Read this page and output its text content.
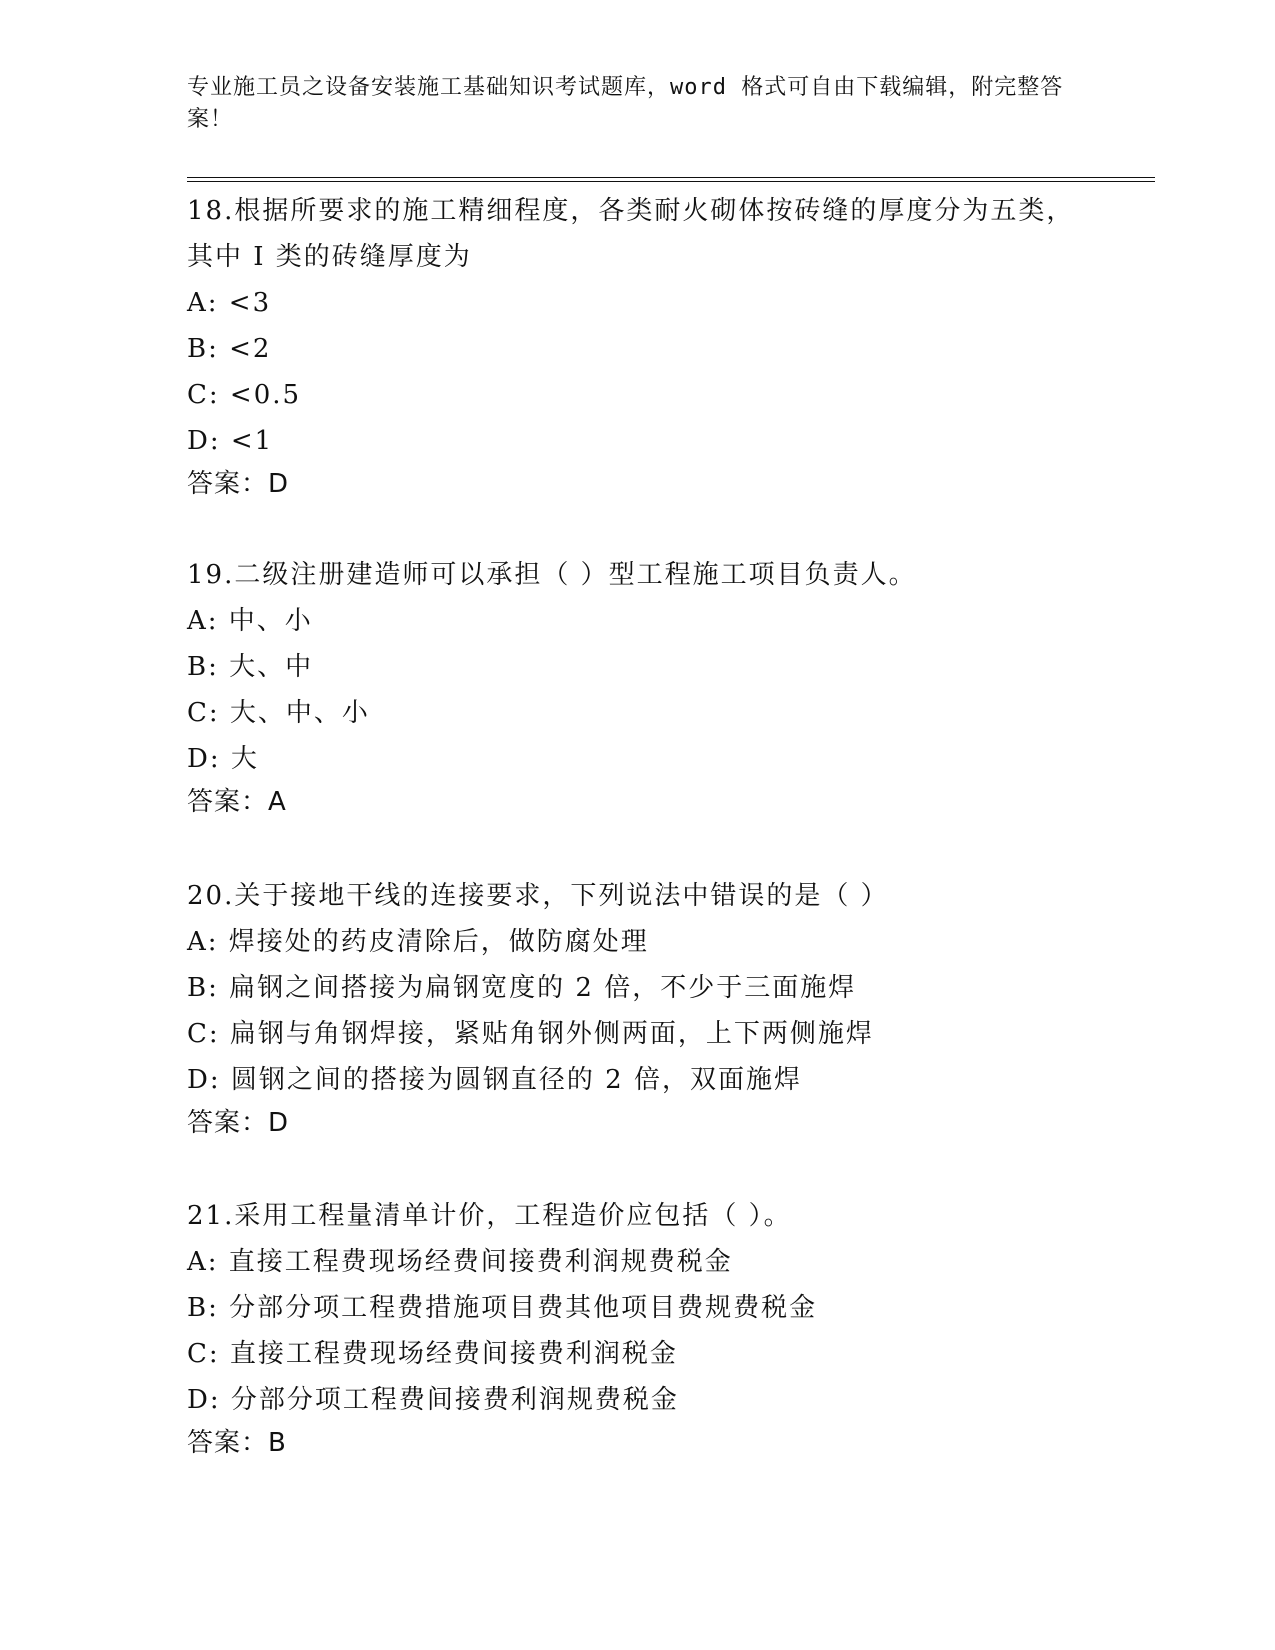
专业施工员之设备安装施工基础知识考试题库，word 格式可自由下载编辑，附完整答案！
18.根据所要求的施工精细程度，各类耐火砌体按砖缝的厚度分为五类，其中 I 类的砖缝厚度为
A: <3
B: <2
C: <0.5
D: <1
答案：D
19.二级注册建造师可以承担（ ）型工程施工项目负责人。
A: 中、小
B: 大、中
C: 大、中、小
D: 大
答案：A
20.关于接地干线的连接要求，下列说法中错误的是（ ）
A: 焊接处的药皮清除后，做防腐处理
B: 扁钢之间搭接为扁钢宽度的 2 倍，不少于三面施焊
C: 扁钢与角钢焊接，紧贴角钢外侧两面，上下两侧施焊
D: 圆钢之间的搭接为圆钢直径的 2 倍，双面施焊
答案：D
21.采用工程量清单计价，工程造价应包括（ ）。
A: 直接工程费现场经费间接费利润规费税金
B: 分部分项工程费措施项目费其他项目费规费税金
C: 直接工程费现场经费间接费利润税金
D: 分部分项工程费间接费利润规费税金
答案：B
